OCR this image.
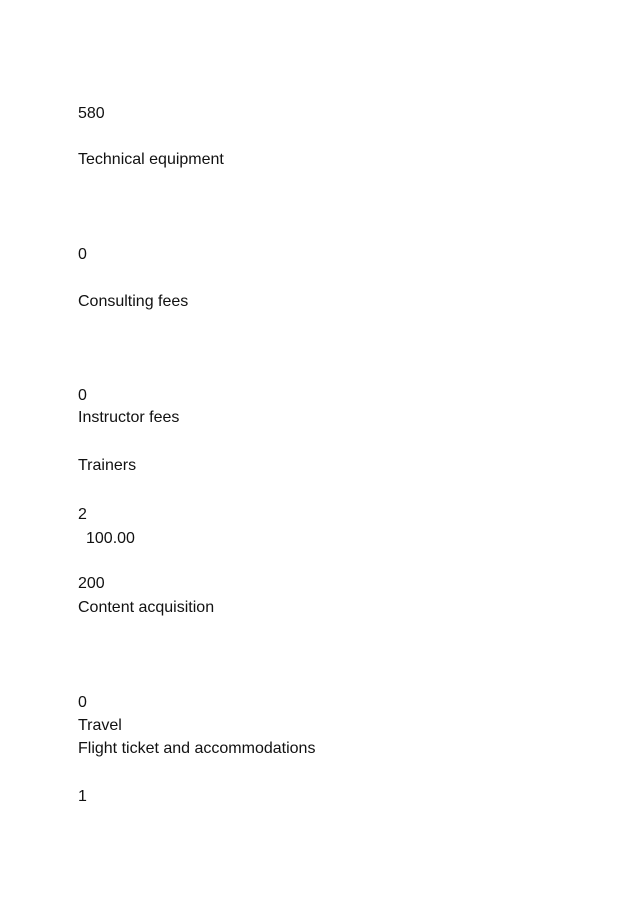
580
Technical equipment
0
Consulting fees
0
Instructor fees
Trainers
2
100.00
200
Content acquisition
0
Travel
Flight ticket and accommodations
1
